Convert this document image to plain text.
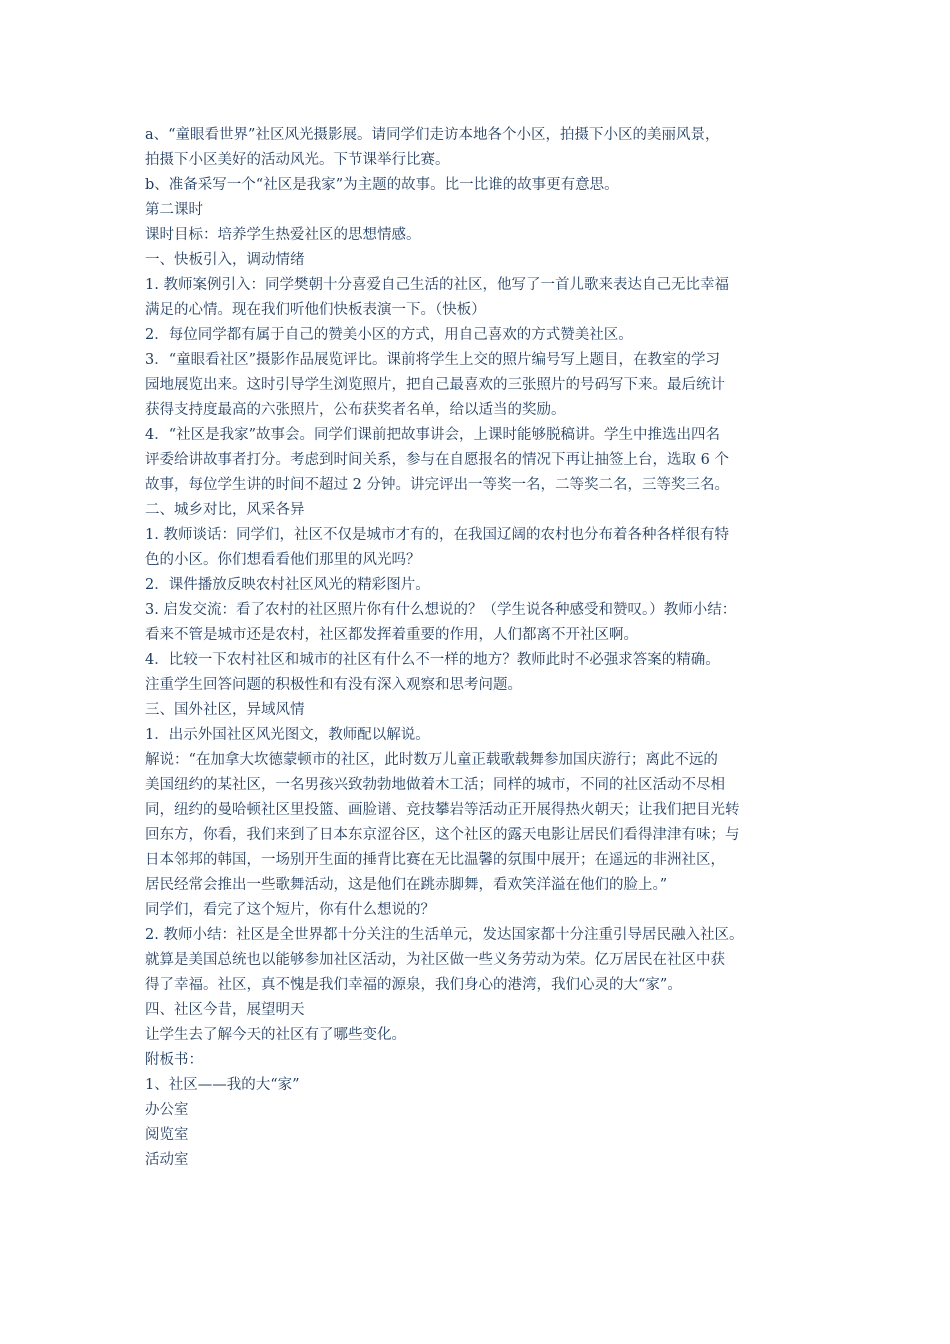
a、“童眼看世界”社区风光摄影展。请同学们走访本地各个小区，拍摄下小区的美丽风景，
拍摄下小区美好的活动风光。下节课举行比赛。
b、准备采写一个“社区是我家”为主题的故事。比一比谁的故事更有意思。
第二课时
课时目标：培养学生热爱社区的思想情感。
一、快板引入，调动情绪
1. 教师案例引入：同学樊朝十分喜爱自己生活的社区，他写了一首儿歌来表达自己无比幸福
满足的心情。现在我们听他们快板表演一下。（快板）
2．每位同学都有属于自己的赞美小区的方式，用自己喜欢的方式赞美社区。
3．“童眼看社区”摄影作品展览评比。课前将学生上交的照片编号写上题目，在教室的学习
园地展览出来。这时引导学生浏览照片，把自己最喜欢的三张照片的号码写下来。最后统计
获得支持度最高的六张照片，公布获奖者名单，给以适当的奖励。
4．“社区是我家”故事会。同学们课前把故事讲会，上课时能够脱稿讲。学生中推选出四名
评委给讲故事者打分。考虑到时间关系，参与在自愿报名的情况下再让抽签上台，选取 6 个
故事，每位学生讲的时间不超过 2 分钟。讲完评出一等奖一名，二等奖二名，三等奖三名。
二、城乡对比，风采各异
1. 教师谈话：同学们，社区不仅是城市才有的，在我国辽阔的农村也分布着各种各样很有特
色的小区。你们想看看他们那里的风光吗？
2．课件播放反映农村社区风光的精彩图片。
3. 启发交流：看了农村的社区照片你有什么想说的？（学生说各种感受和赞叹。）教师小结：
看来不管是城市还是农村，社区都发挥着重要的作用，人们都离不开社区啊。
4．比较一下农村社区和城市的社区有什么不一样的地方？教师此时不必强求答案的精确。
注重学生回答问题的积极性和有没有深入观察和思考问题。
三、国外社区，异域风情
1．出示外国社区风光图文，教师配以解说。
解说：“在加拿大坎德蒙顿市的社区，此时数万儿童正载歌载舞参加国庆游行；离此不远的
美国纽约的某社区，一名男孩兴致勃勃地做着木工活；同样的城市，不同的社区活动不尽相
同，纽约的曼哈顿社区里投篮、画脸谱、竞技攀岩等活动正开展得热火朝天；让我们把目光转
回东方，你看，我们来到了日本东京涩谷区，这个社区的露天电影让居民们看得津津有味；与
日本邻邦的韩国，一场别开生面的捶背比赛在无比温馨的氛围中展开；在遥远的非洲社区，
居民经常会推出一些歌舞活动，这是他们在跳赤脚舞，看欢笑洋溢在他们的脸上。”
同学们，看完了这个短片，你有什么想说的？
2. 教师小结：社区是全世界都十分关注的生活单元，发达国家都十分注重引导居民融入社区。
就算是美国总统也以能够参加社区活动，为社区做一些义务劳动为荣。亿万居民在社区中获
得了幸福。社区，真不愧是我们幸福的源泉，我们身心的港湾，我们心灵的大“家”。
四、社区今昔，展望明天
让学生去了解今天的社区有了哪些变化。
附板书：
1、社区——我的大“家”
办公室
阅览室
活动室
